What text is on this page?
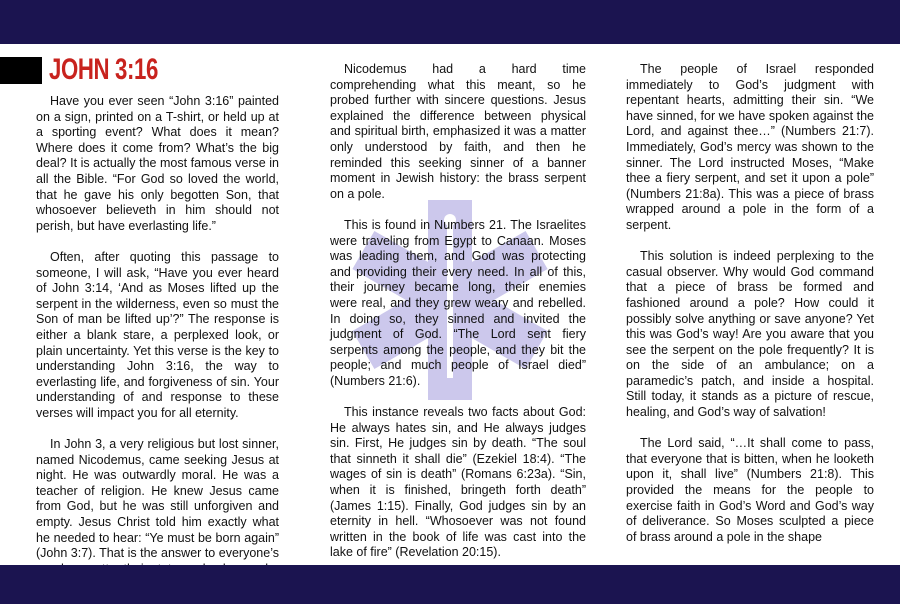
JOHN 3:16

Have you ever seen “John 3:16” painted on a sign, printed on a T-shirt, or held up at a sporting event? What does it mean? Where does it come from? What’s the big deal? It is actually the most famous verse in all the Bible. “For God so loved the world, that he gave his only begotten Son, that whosoever believeth in him should not perish, but have everlasting life.”

Often, after quoting this passage to someone, I will ask, “Have you ever heard of John 3:14, ‘And as Moses lifted up the serpent in the wilderness, even so must the Son of man be lifted up’?” The response is either a blank stare, a perplexed look, or plain uncertainty. Yet this verse is the key to understanding John 3:16, the way to everlasting life, and forgiveness of sin. Your understanding of and response to these verses will impact you for all eternity.

In John 3, a very religious but lost sinner, named Nicodemus, came seeking Jesus at night. He was outwardly moral. He was a teacher of religion. He knew Jesus came from God, but he was still unforgiven and empty. Jesus Christ told him exactly what he needed to hear: “Ye must be born again” (John 3:7). That is the answer to everyone’s

Nicodemus had a hard time comprehending what this meant, so he probed further with sincere questions. Jesus explained the difference between physical and spiritual birth, emphasized it was a matter only understood by faith, and then he reminded this seeking sinner of a banner moment in Jewish history: the brass serpent on a pole.

This is found in Numbers 21. The Israelites were traveling from Egypt to Canaan. Moses was leading them, and God was protecting and providing their every need. In all of this, their journey became long, their enemies were real, and they grew weary and rebelled. In doing so, they sinned and invited the judgment of God. “The Lord sent fiery serpents among the people, and they bit the people; and much people of Israel died” (Numbers 21:6).

This instance reveals two facts about God: He always hates sin, and He always judges sin. First, He judges sin by death. “The soul that sinneth it shall die” (Ezekiel 18:4). “The wages of sin is death” (Romans 6:23a). “Sin, when it is finished, bringeth forth death” (James 1:15). Finally, God judges sin by an eternity in hell. “Whosoever was not found written in the book of life was cast into the lake of fire” (Revelation 20:15).

The people of Israel responded immediately to God’s judgment with repentant hearts, admitting their sin. “We have sinned, for we have spoken against the Lord, and against thee…” (Numbers 21:7). Immediately, God’s mercy was shown to the sinner. The Lord instructed Moses, “Make thee a fiery serpent, and set it upon a pole” (Numbers 21:8a). This was a piece of brass wrapped around a pole in the form of a serpent.

This solution is indeed perplexing to the casual observer. Why would God command that a piece of brass be formed and fashioned around a pole? How could it possibly solve anything or save anyone? Yet this was God’s way! Are you aware that you see the serpent on the pole frequently? It is on the side of an ambulance; on a paramedic’s patch, and inside a hospital. Still today, it stands as a picture of rescue, healing, and God’s way of salvation!

The Lord said, “…It shall come to pass, that everyone that is bitten, when he looketh upon it, shall live” (Numbers 21:8). This provided the means for the people to exercise faith in God’s Word and God’s way of deliverance. So Moses sculpted a piece of brass around a pole in the shape
